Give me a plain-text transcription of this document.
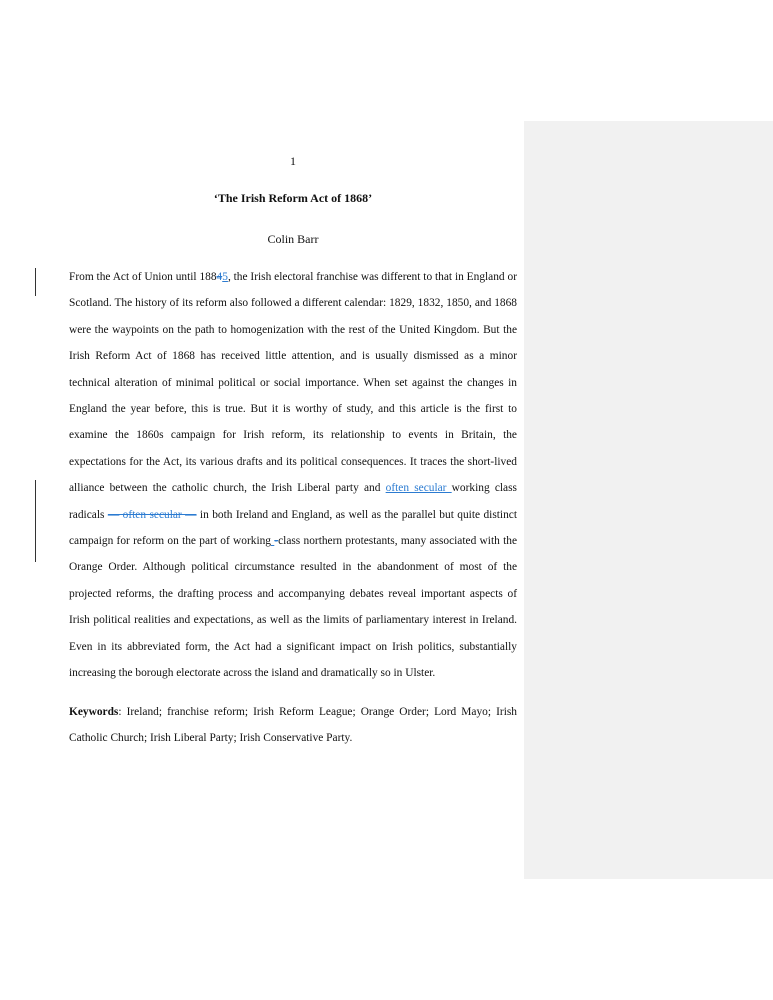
1
‘The Irish Reform Act of 1868’
Colin Barr

From the Act of Union until 18845, the Irish electoral franchise was different to that in England or Scotland. The history of its reform also followed a different calendar: 1829, 1832, 1850, and 1868 were the waypoints on the path to homogenization with the rest of the United Kingdom. But the Irish Reform Act of 1868 has received little attention, and is usually dismissed as a minor technical alteration of minimal political or social importance. When set against the changes in England the year before, this is true. But it is worthy of study, and this article is the first to examine the 1860s campaign for Irish reform, its relationship to events in Britain, the expectations for the Act, its various drafts and its political consequences. It traces the short-lived alliance between the catholic church, the Irish Liberal party and often secular working class radicals — often secular — in both Ireland and England, as well as the parallel but quite distinct campaign for reform on the part of working -class northern protestants, many associated with the Orange Order. Although political circumstance resulted in the abandonment of most of the projected reforms, the drafting process and accompanying debates reveal important aspects of Irish political realities and expectations, as well as the limits of parliamentary interest in Ireland. Even in its abbreviated form, the Act had a significant impact on Irish politics, substantially increasing the borough electorate across the island and dramatically so in Ulster.

Keywords: Ireland; franchise reform; Irish Reform League; Orange Order; Lord Mayo; Irish Catholic Church; Irish Liberal Party; Irish Conservative Party.
